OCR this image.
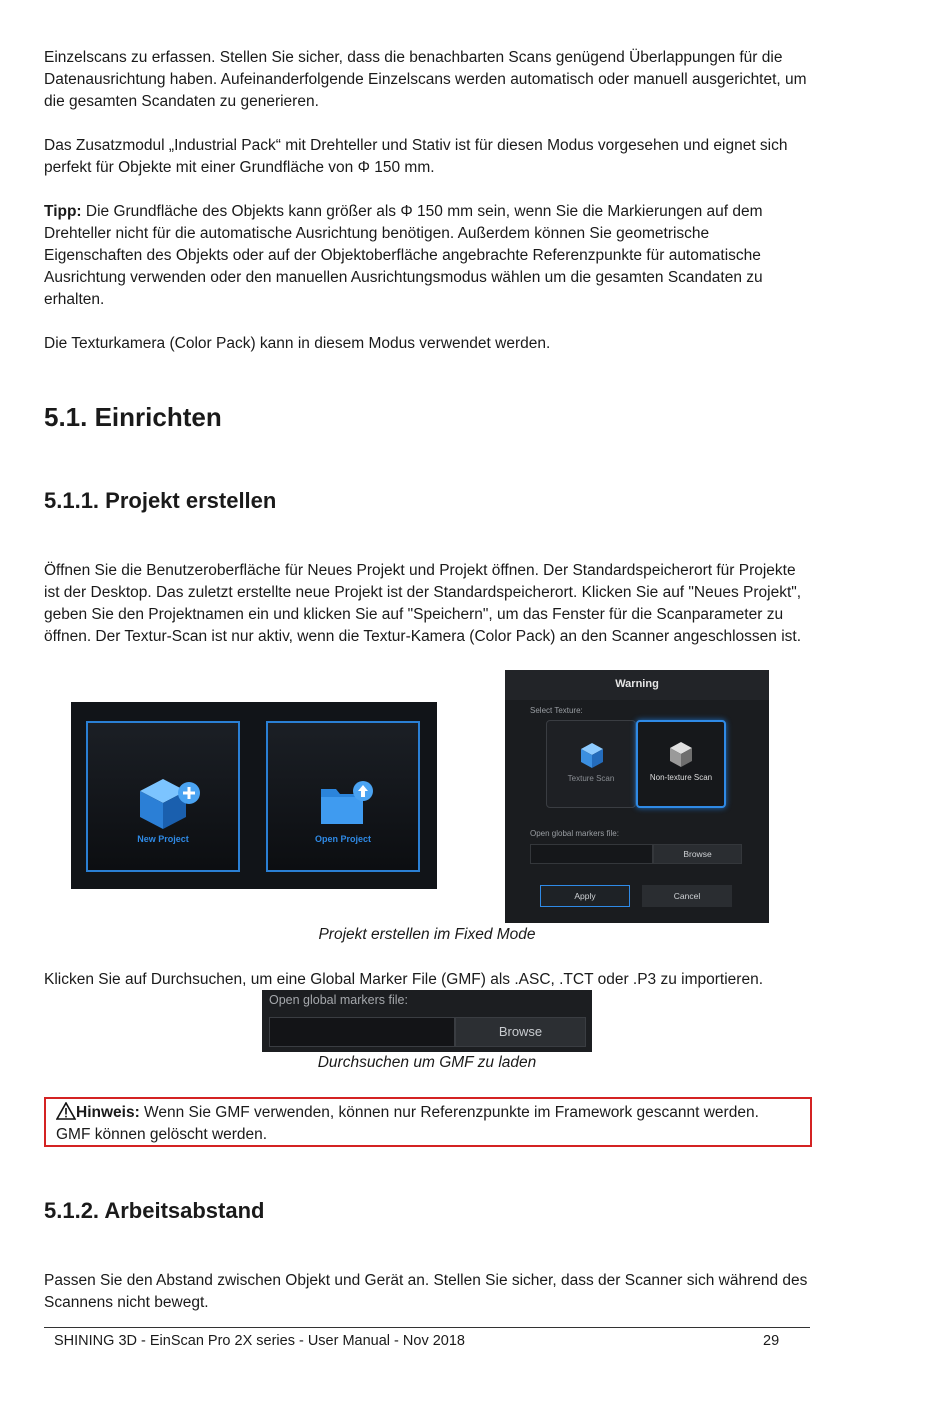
Einzelscans zu erfassen. Stellen Sie sicher, dass die benachbarten Scans genügend Überlappungen für die

Datenausrichtung haben. Aufeinanderfolgende Einzelscans werden automatisch oder manuell ausgerichtet, um

die gesamten Scandaten zu generieren.

Das Zusatzmodul „Industrial Pack“ mit Drehteller und Stativ ist für diesen Modus vorgesehen und eignet sich

perfekt für Objekte mit einer Grundfläche von Φ 150 mm.

Tipp: Die Grundfläche des Objekts kann größer als Φ 150 mm sein, wenn Sie die Markierungen auf dem

Drehteller nicht für die automatische Ausrichtung benötigen. Außerdem können Sie geometrische

Eigenschaften des Objekts oder auf der Objektoberfläche angebrachte Referenzpunkte für automatische

Ausrichtung verwenden oder den manuellen Ausrichtungsmodus wählen um die gesamten Scandaten zu

erhalten.

Die Texturkamera (Color Pack) kann in diesem Modus verwendet werden.

5.1. Einrichten
5.1.1. Projekt erstellen

Öffnen Sie die Benutzeroberfläche für Neues Projekt und Projekt öffnen. Der Standardspeicherort für Projekte

ist der Desktop. Das zuletzt erstellte neue Projekt ist der Standardspeicherort. Klicken Sie auf "Neues Projekt",

geben Sie den Projektnamen ein und klicken Sie auf "Speichern", um das Fenster für die Scanparameter zu

öffnen. Der Textur-Scan ist nur aktiv, wenn die Textur-Kamera (Color Pack) an den Scanner angeschlossen ist.

New Project	Open Project
Warning
Select Texture:
Texture Scan	Non-texture Scan
Open global markers file:
Browse
Apply	Cancel
Projekt erstellen im Fixed Mode

Klicken Sie auf Durchsuchen, um eine Global Marker File (GMF) als .ASC, .TCT oder .P3 zu importieren.

Open global markers file:
Browse
Durchsuchen um GMF zu laden

Hinweis: Wenn Sie GMF verwenden, können nur Referenzpunkte im Framework gescannt werden.

GMF können gelöscht werden.

5.1.2. Arbeitsabstand

Passen Sie den Abstand zwischen Objekt und Gerät an. Stellen Sie sicher, dass der Scanner sich während des

Scannens nicht bewegt.

SHINING 3D - EinScan Pro 2X series - User Manual - Nov 2018	29
